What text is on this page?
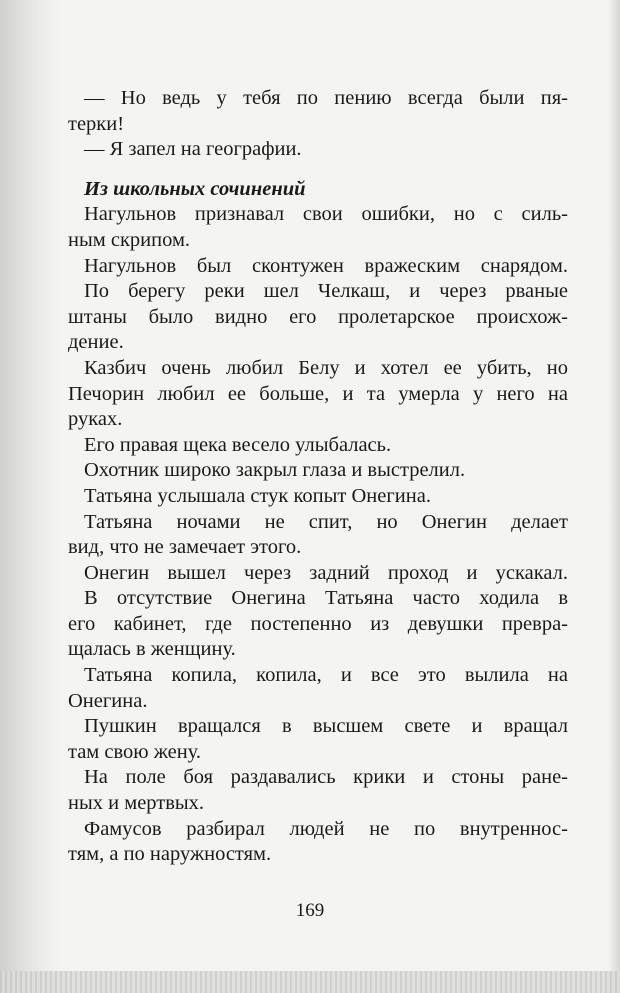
— Но ведь у тебя по пению всегда были пя-
терки!
— Я запел на географии.
Из школьных сочинений
Нагульнов признавал свои ошибки, но с силь-
ным скрипом.
Нагульнов был сконтужен вражеским снарядом.
По берегу реки шел Челкаш, и через рваные
штаны было видно его пролетарское происхож-
дение.
Казбич очень любил Белу и хотел ее убить, но
Печорин любил ее больше, и та умерла у него на
руках.
Его правая щека весело улыбалась.
Охотник широко закрыл глаза и выстрелил.
Татьяна услышала стук копыт Онегина.
Татьяна ночами не спит, но Онегин делает
вид, что не замечает этого.
Онегин вышел через задний проход и ускакал.
В отсутствие Онегина Татьяна часто ходила в
его кабинет, где постепенно из девушки превра-
щалась в женщину.
Татьяна копила, копила, и все это вылила на
Онегина.
Пушкин вращался в высшем свете и вращал
там свою жену.
На поле боя раздавались крики и стоны ране-
ных и мертвых.
Фамусов разбирал людей не по внутреннос-
тям, а по наружностям.
169
